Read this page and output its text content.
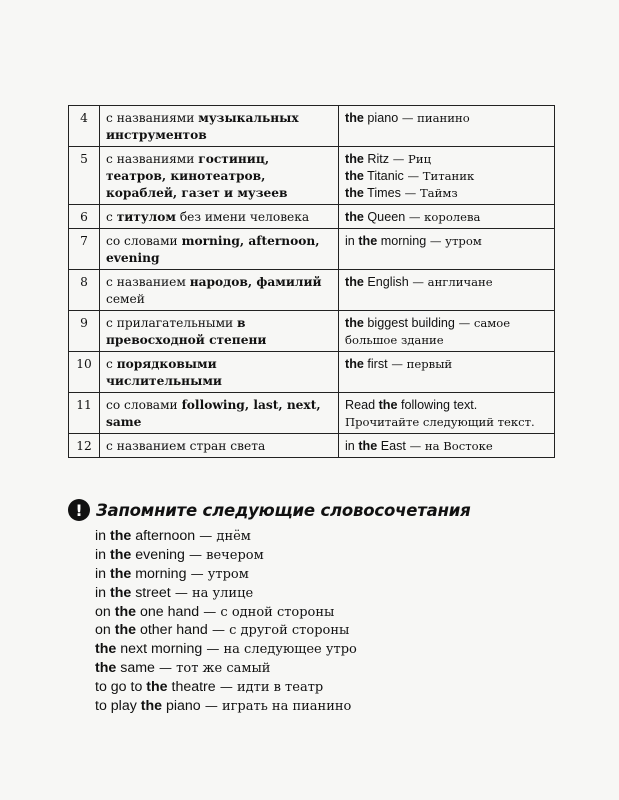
4	с названиями музыкальных инструментов	the piano — пианино

5	с названиями гостиниц, театров, кинотеатров, кораблей, газет и музеев	the Ritz — Риц
the Titanic — Титаник
the Times — Таймз

6	с титулом без имени человека	the Queen — королева

7	со словами morning, afternoon, evening	in the morning — утром

8	с названием народов, фамилий семей	the English — англичане

9	с прилагательными в превосходной степени	the biggest building — самое большое здание

10	с порядковыми числительными	the first — первый

11	со словами following, last, next, same	Read the following text.
Прочитайте следующий текст.

12	с названием стран света	in the East — на Востоке
! Запомните следующие словосочетания
in the afternoon — днём
in the evening — вечером
in the morning — утром
in the street — на улице
on the one hand — с одной стороны
on the other hand — с другой стороны
the next morning — на следующее утро
the same — тот же самый
to go to the theatre — идти в театр
to play the piano — играть на пианино
